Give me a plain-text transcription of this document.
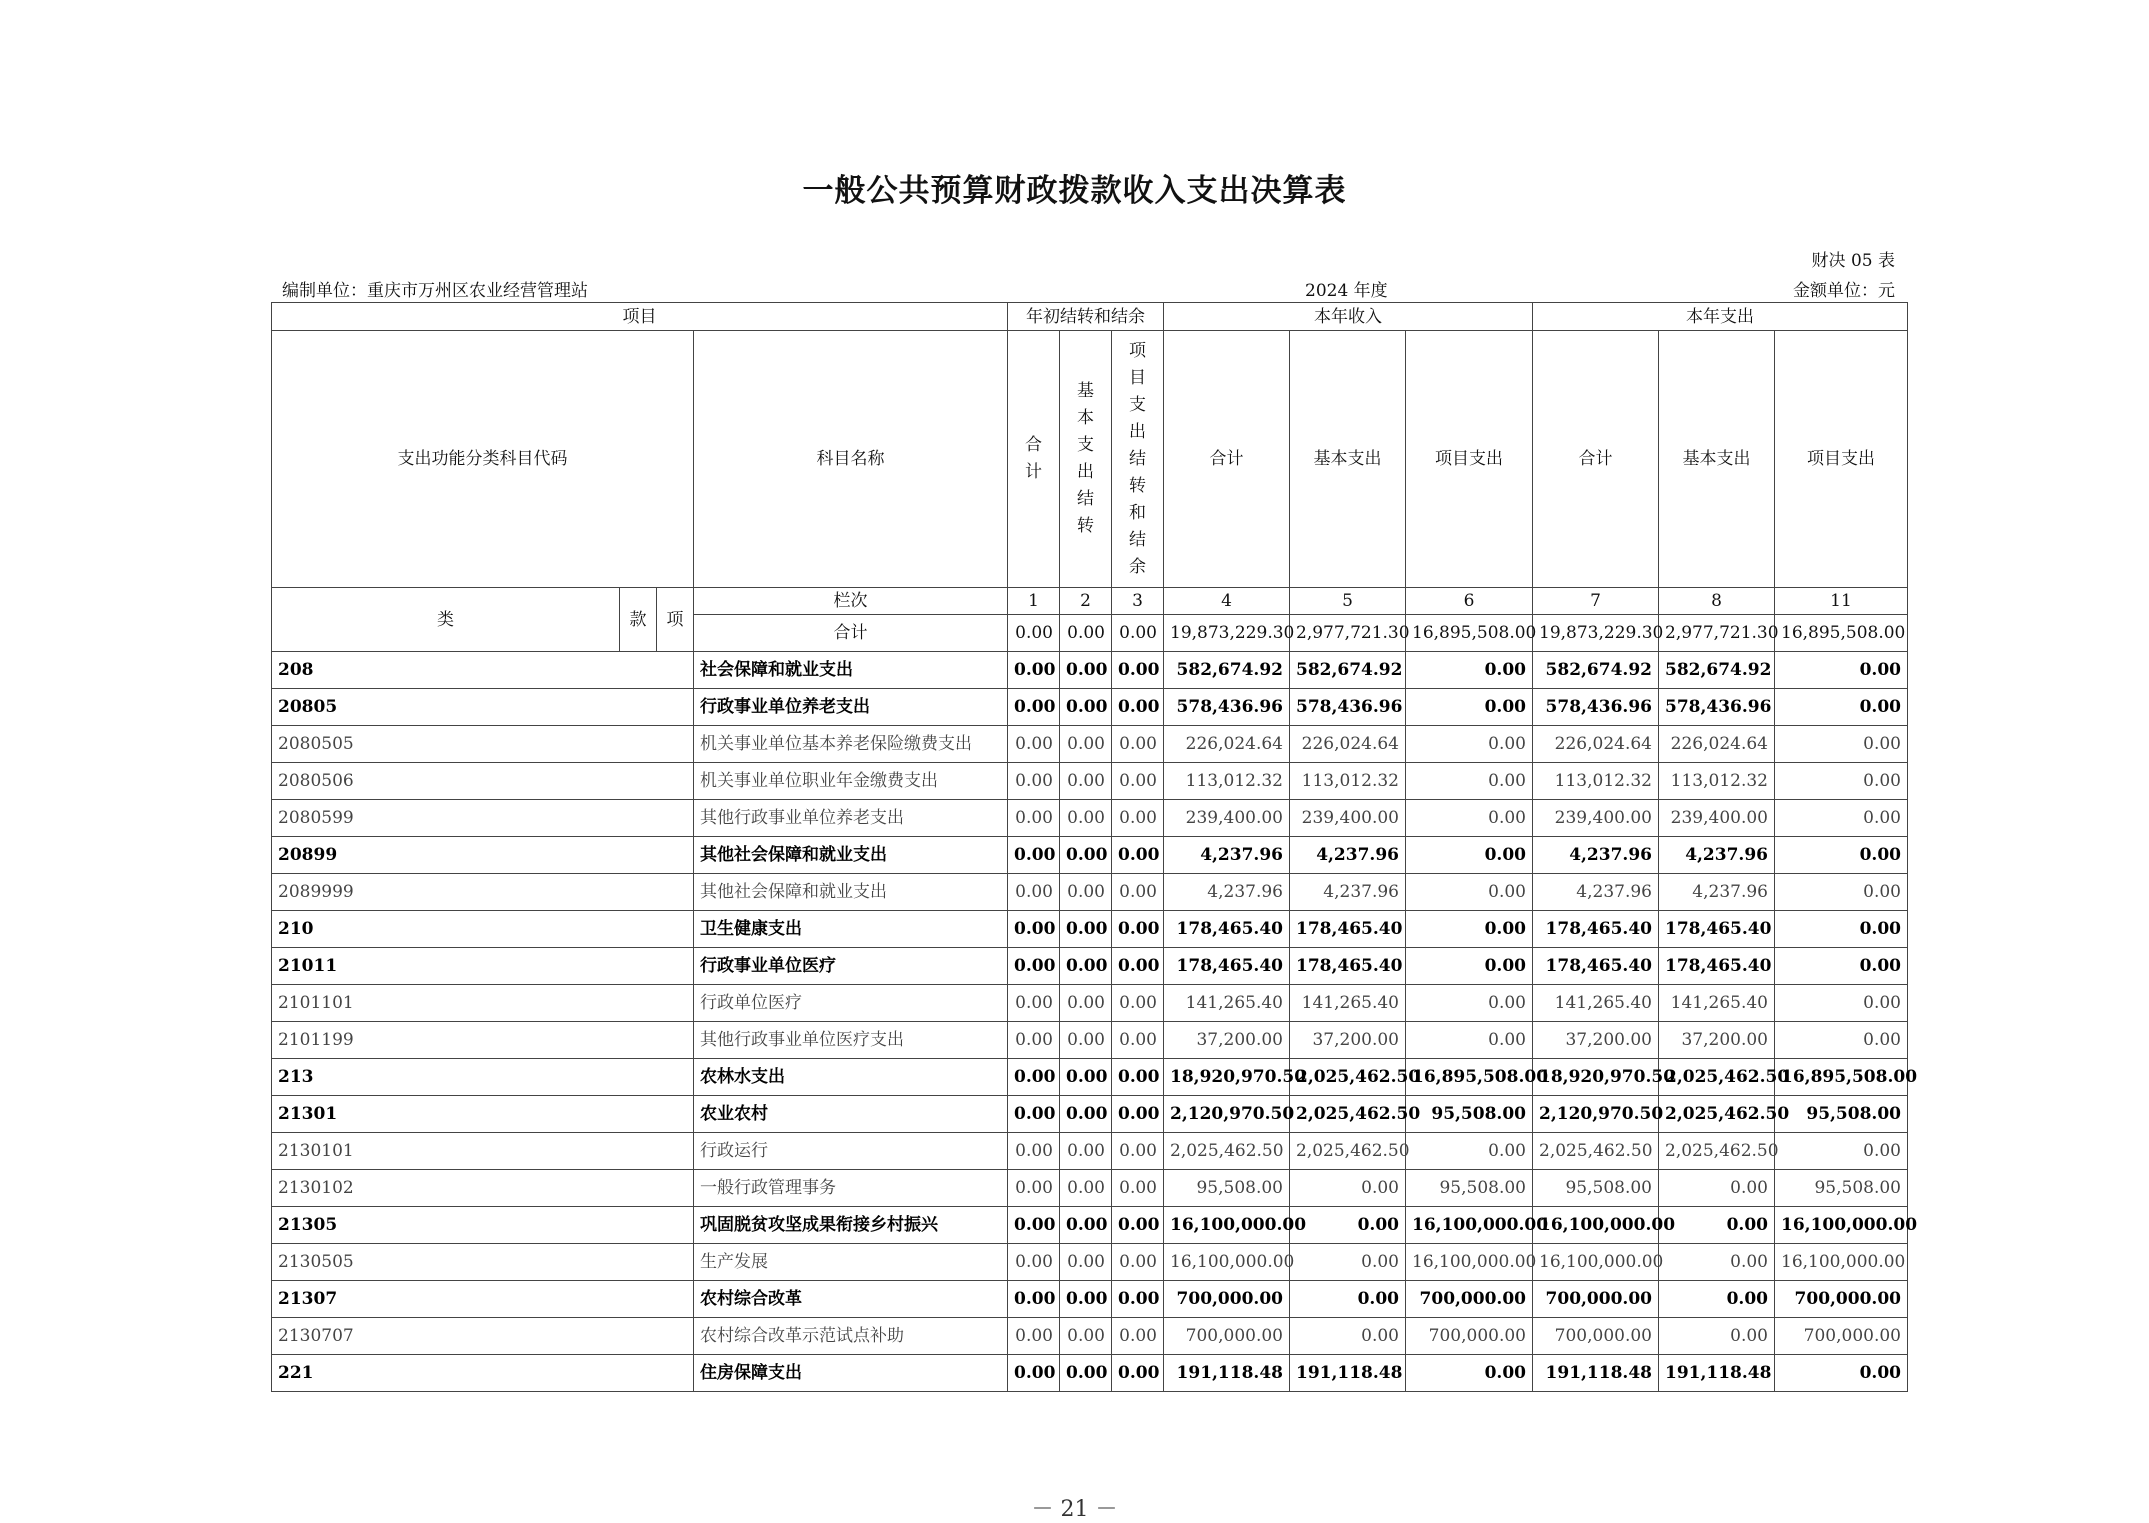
一般公共预算财政拨款收入支出决算表
财决 05 表
编制单位：重庆市万州区农业经营管理站	2024 年度	金额单位：元
项目				年初结转和结余			本年收入			本年支出		
支出功能分类科目代码			科目名称	合计	基本支出结转	项目支出结转和结余	合计	基本支出	项目支出	合计	基本支出	项目支出
类	款	项	栏次	1	2	3	4	5	6	7	8	11
			合计	0.00	0.00	0.00	19,873,229.30	2,977,721.30	16,895,508.00	19,873,229.30	2,977,721.30	16,895,508.00
208			社会保障和就业支出	0.00	0.00	0.00	582,674.92	582,674.92	0.00	582,674.92	582,674.92	0.00
20805			行政事业单位养老支出	0.00	0.00	0.00	578,436.96	578,436.96	0.00	578,436.96	578,436.96	0.00
2080505			机关事业单位基本养老保险缴费支出	0.00	0.00	0.00	226,024.64	226,024.64	0.00	226,024.64	226,024.64	0.00
2080506			机关事业单位职业年金缴费支出	0.00	0.00	0.00	113,012.32	113,012.32	0.00	113,012.32	113,012.32	0.00
2080599			其他行政事业单位养老支出	0.00	0.00	0.00	239,400.00	239,400.00	0.00	239,400.00	239,400.00	0.00
20899			其他社会保障和就业支出	0.00	0.00	0.00	4,237.96	4,237.96	0.00	4,237.96	4,237.96	0.00
2089999			其他社会保障和就业支出	0.00	0.00	0.00	4,237.96	4,237.96	0.00	4,237.96	4,237.96	0.00
210			卫生健康支出	0.00	0.00	0.00	178,465.40	178,465.40	0.00	178,465.40	178,465.40	0.00
21011			行政事业单位医疗	0.00	0.00	0.00	178,465.40	178,465.40	0.00	178,465.40	178,465.40	0.00
2101101			行政单位医疗	0.00	0.00	0.00	141,265.40	141,265.40	0.00	141,265.40	141,265.40	0.00
2101199			其他行政事业单位医疗支出	0.00	0.00	0.00	37,200.00	37,200.00	0.00	37,200.00	37,200.00	0.00
213			农林水支出	0.00	0.00	0.00	18,920,970.50	2,025,462.50	16,895,508.00	18,920,970.50	2,025,462.50	16,895,508.00
21301			农业农村	0.00	0.00	0.00	2,120,970.50	2,025,462.50	95,508.00	2,120,970.50	2,025,462.50	95,508.00
2130101			行政运行	0.00	0.00	0.00	2,025,462.50	2,025,462.50	0.00	2,025,462.50	2,025,462.50	0.00
2130102			一般行政管理事务	0.00	0.00	0.00	95,508.00	0.00	95,508.00	95,508.00	0.00	95,508.00
21305			巩固脱贫攻坚成果衔接乡村振兴	0.00	0.00	0.00	16,100,000.00	0.00	16,100,000.00	16,100,000.00	0.00	16,100,000.00
2130505			生产发展	0.00	0.00	0.00	16,100,000.00	0.00	16,100,000.00	16,100,000.00	0.00	16,100,000.00
21307			农村综合改革	0.00	0.00	0.00	700,000.00	0.00	700,000.00	700,000.00	0.00	700,000.00
2130707			农村综合改革示范试点补助	0.00	0.00	0.00	700,000.00	0.00	700,000.00	700,000.00	0.00	700,000.00
221			住房保障支出	0.00	0.00	0.00	191,118.48	191,118.48	0.00	191,118.48	191,118.48	0.00
－ 21 －
